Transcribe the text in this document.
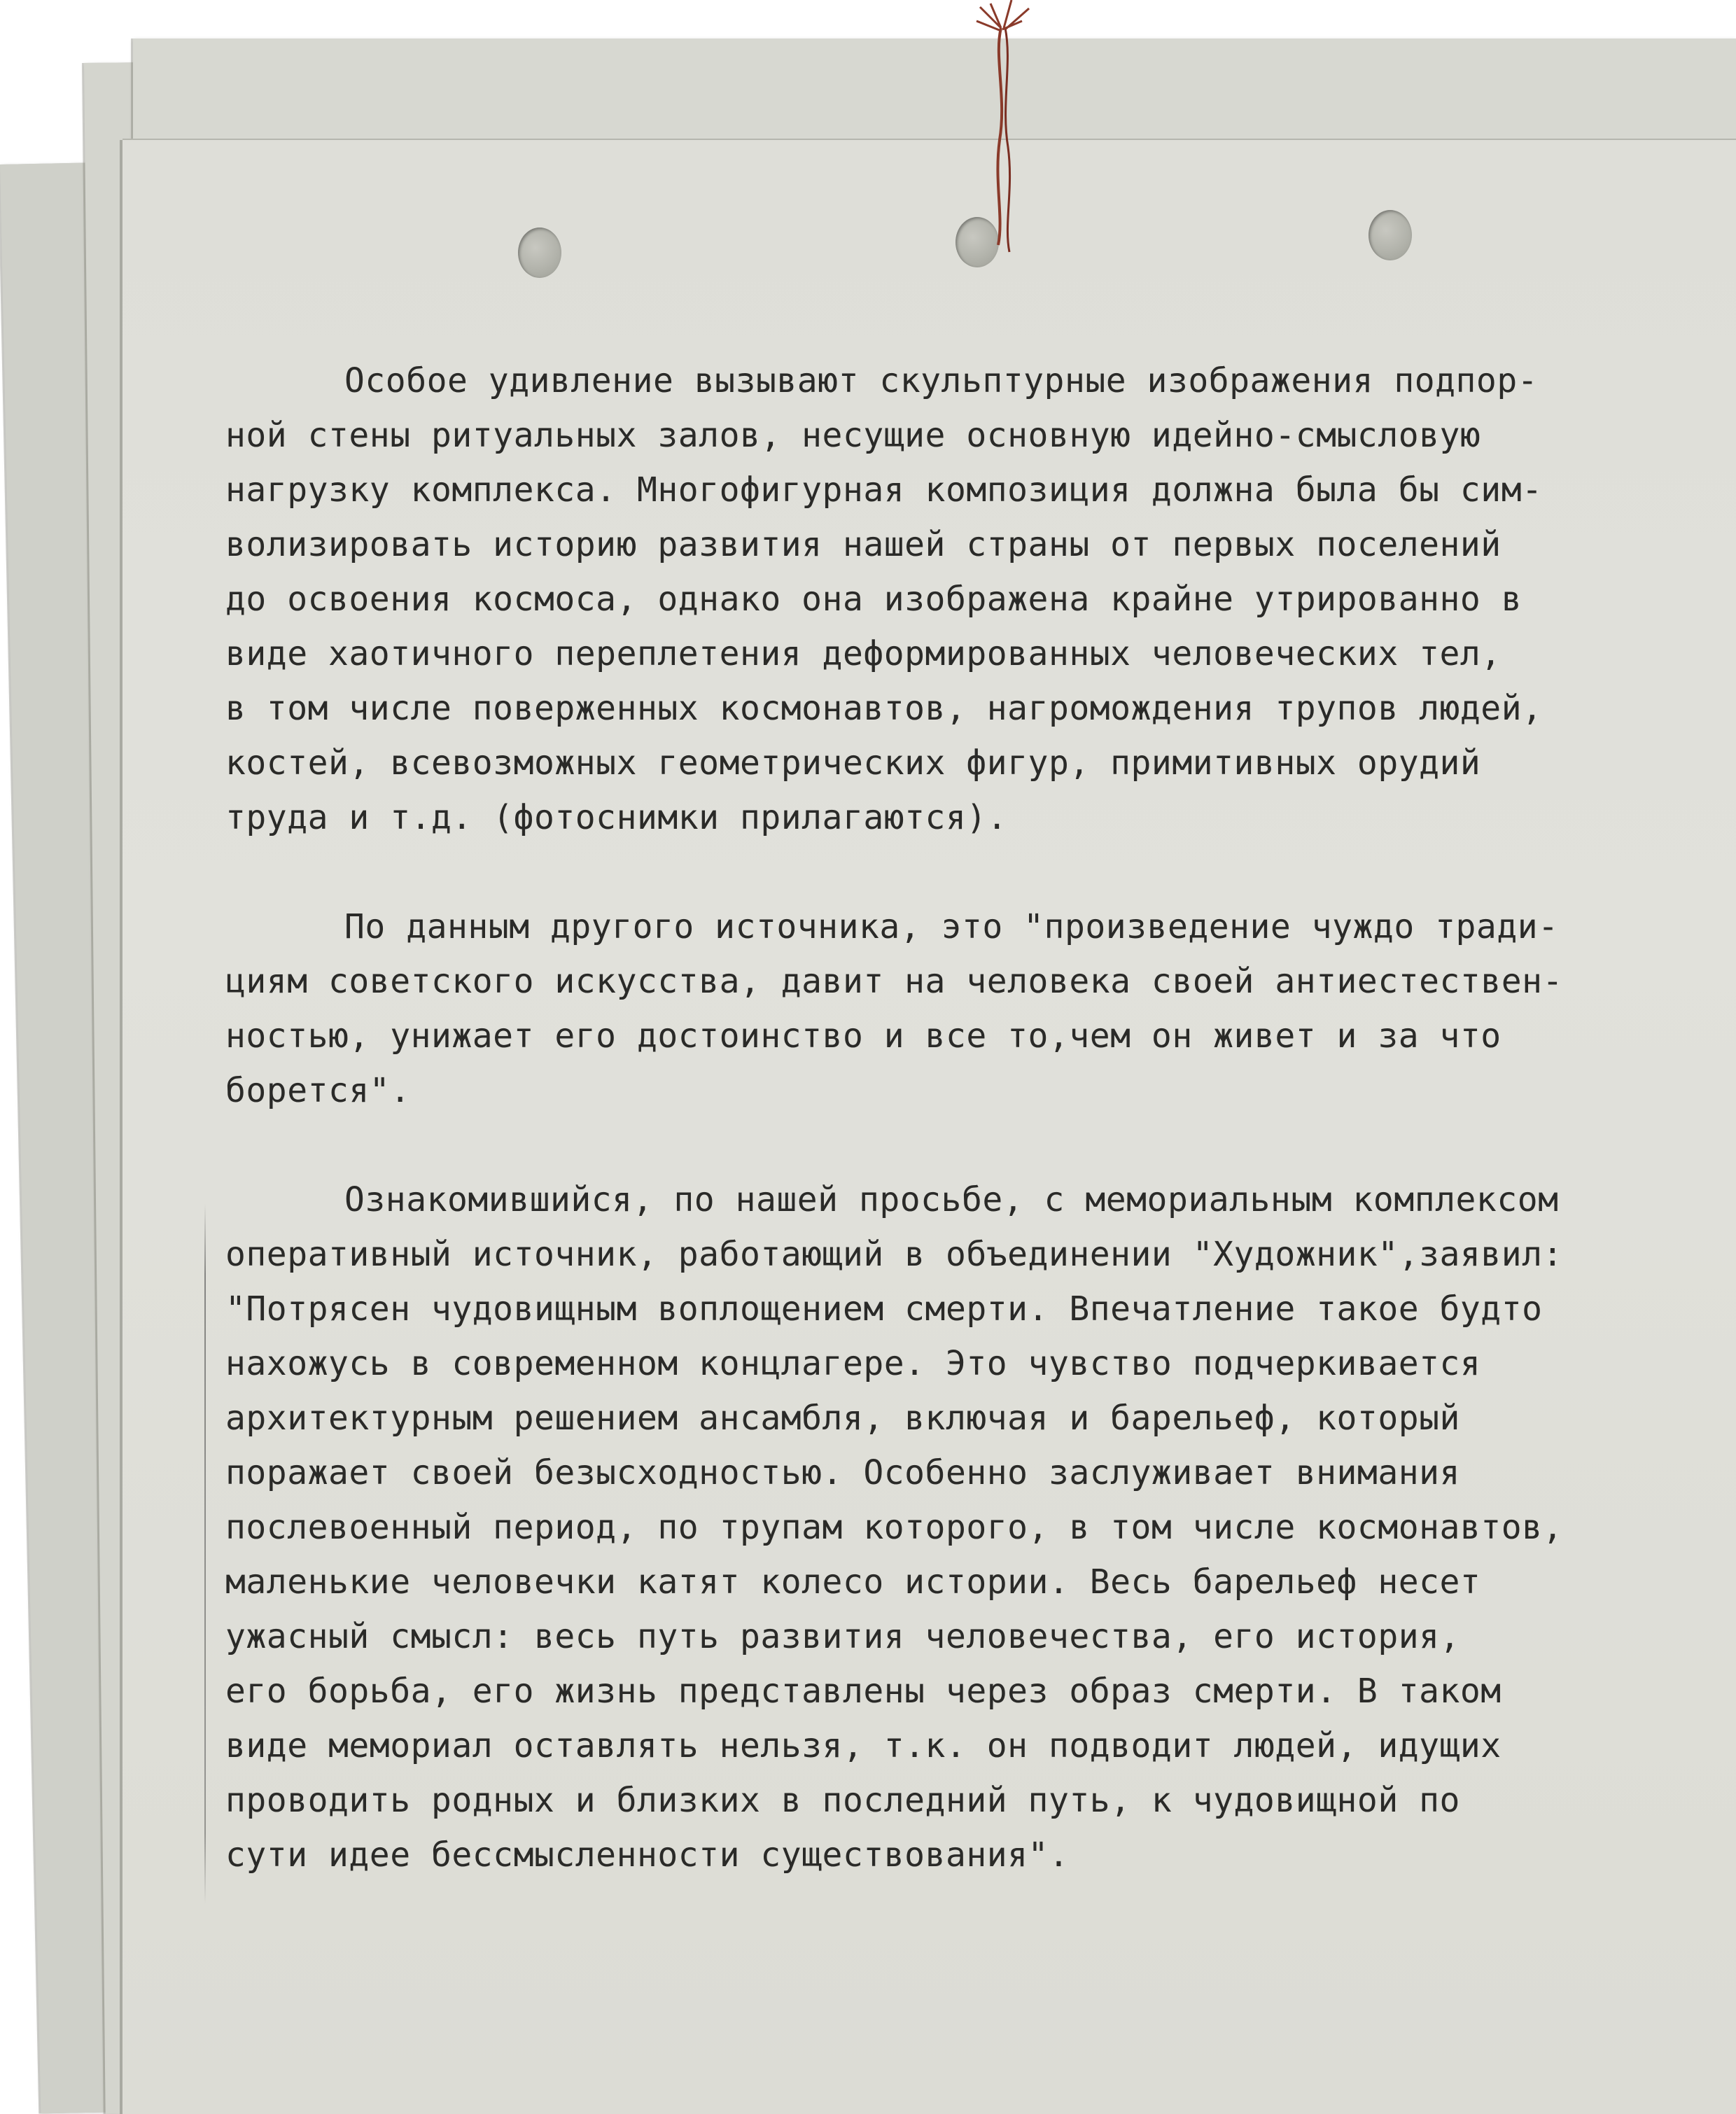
Особое удивление вызывают скульптурные изображения подпор-
ной стены ритуальных залов, несущие основную идейно-смысловую
нагрузку комплекса. Многофигурная композиция должна была бы сим-
волизировать историю развития нашей страны от первых поселений
до освоения космоса, однако она изображена крайне утрированно в
виде хаотичного переплетения деформированных человеческих тел,
в том числе поверженных космонавтов, нагромождения трупов людей,
костей, всевозможных геометрических фигур, примитивных орудий
труда и т.д. (фотоснимки прилагаются).
По данным другого источника, это "произведение чуждо тради-
циям советского искусства, давит на человека своей антиестествен-
ностью, унижает его достоинство и все то,чем он живет и за что
борется".
Ознакомившийся, по нашей просьбе, с мемориальным комплексом
оперативный источник, работающий в объединении "Художник",заявил:
"Потрясен чудовищным воплощением смерти. Впечатление такое будто
нахожусь в современном концлагере. Это чувство подчеркивается
архитектурным решением ансамбля, включая и барельеф, который
поражает своей безысходностью. Особенно заслуживает внимания
послевоенный период, по трупам которого, в том числе космонавтов,
маленькие человечки катят колесо истории. Весь барельеф несет
ужасный смысл: весь путь развития человечества, его история,
его борьба, его жизнь представлены через образ смерти. В таком
виде мемориал оставлять нельзя, т.к. он подводит людей, идущих
проводить родных и близких в последний путь, к чудовищной по
сути идее бессмысленности существования".
